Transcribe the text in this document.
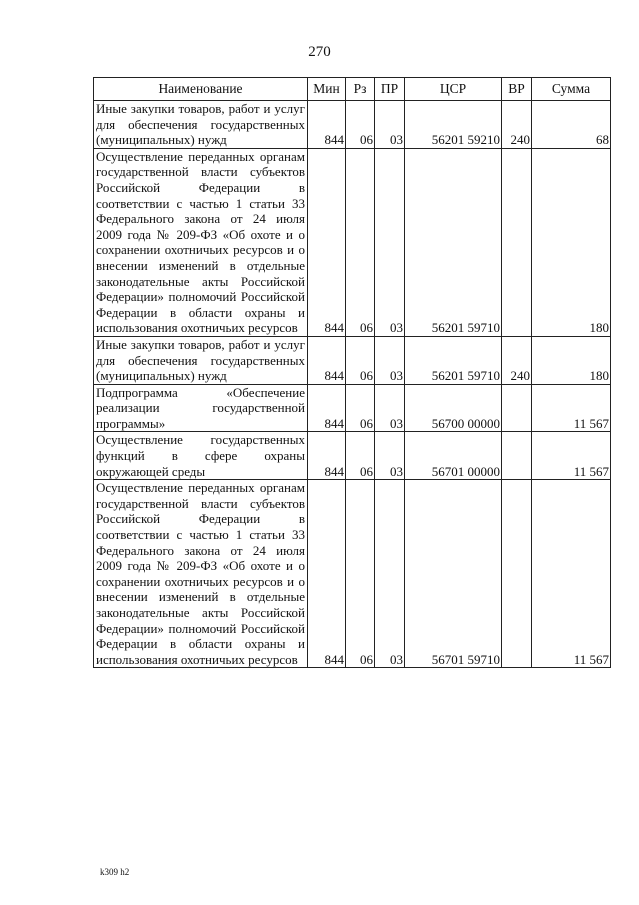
270
Наименование	Мин	Рз	ПР	ЦСР	ВР	Сумма
Иные закупки товаров, работ и услуг для обеспечения государственных (муниципальных) нужд	844	06	03	56201 59210	240	68
Осуществление переданных органам государственной власти субъектов Российской Федерации в соответствии с частью 1 статьи 33 Федерального закона от 24 июля 2009 года № 209-ФЗ «Об охоте и о сохранении охотничьих ресурсов и о внесении изменений в отдельные законодательные акты Российской Федерации» полномочий Российской Федерации в области охраны и использования охотничьих ресурсов	844	06	03	56201 59710		180
Иные закупки товаров, работ и услуг для обеспечения государственных (муниципальных) нужд	844	06	03	56201 59710	240	180
Подпрограмма «Обеспечение реализации государственной программы»	844	06	03	56700 00000		11 567
Осуществление государственных функций в сфере охраны окружающей среды	844	06	03	56701 00000		11 567
Осуществление переданных органам государственной власти субъектов Российской Федерации в соответствии с частью 1 статьи 33 Федерального закона от 24 июля 2009 года № 209-ФЗ «Об охоте и о сохранении охотничьих ресурсов и о внесении изменений в отдельные законодательные акты Российской Федерации» полномочий Российской Федерации в области охраны и использования охотничьих ресурсов	844	06	03	56701 59710		11 567
k309 h2
